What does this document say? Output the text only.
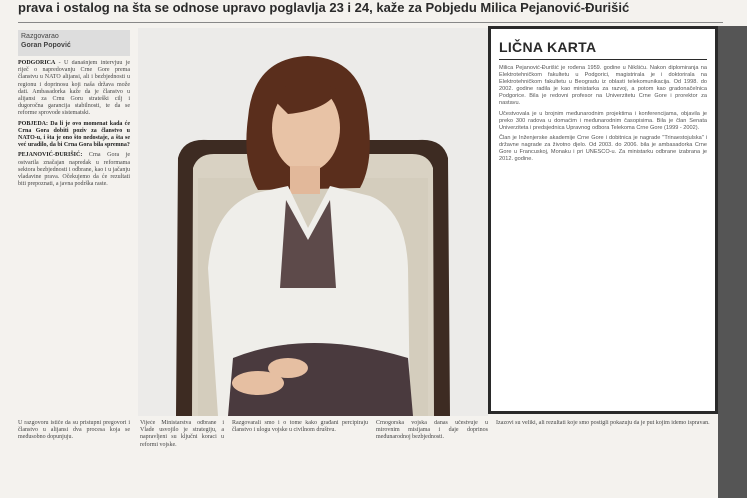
prava i ostalog na šta se odnose upravo poglavlja 23 i 24, kaže za Pobjedu Milica Pejanović-Đurišić
Razgovarao
Goran Popović

PODGORICA - U današnjem intervjuu je riječ o napredovanju Crne Gore prema članstvu u NATO alijansi, ali i bezbjednosti u regionu i doprinosu koji naša država može dati. Ambasadorka kaže da je članstvo u alijansi za Crnu Goru strateški cilj i dugoročna garancija stabilnosti, te da se reforme sprovode sistematski.

POBJEDA: Da li je ovo momenat kada će Crna Gora dobiti poziv za članstvo u NATO-u, i šta je ono što nedostaje, a šta se već uradilo, da bi Crna Gora bila spremna?

PEJANOVIĆ-ĐURIŠIĆ: Crna Gora je ostvarila značajan napredak u reformama sektora bezbjednosti i odbrane, kao i u jačanju vladavine prava. Očekujemo da će rezultati biti prepoznati, a javna podrška raste.

LIČNA KARTA

Milica Pejanović-Đurišić je rođena 1959. godine u Nikšiću. Nakon diplomiranja na Elektrotehničkom fakultetu u Podgorici, magistrirala je i doktorirala na Elektrotehničkom fakultetu u Beogradu iz oblasti telekomunikacija. Od 1998. do 2002. godine radila je kao ministarka za razvoj, a potom kao gradonačelnica Podgorice. Bila je redovni profesor na Univerzitetu Crne Gore i prorektor za nastavu.

Učestvovala je u brojnim međunarodnim projektima i konferencijama, objavila je preko 300 radova u domaćim i međunarodnim časopisima. Bila je član Senata Univerziteta i predsjednica Upravnog odbora Telekoma Crne Gore (1999 - 2002).

Član je Inženjerske akademije Crne Gore i dobitnica je nagrade "Trinaestojulska" i državne nagrade za životno djelo. Od 2003. do 2006. bila je ambasadorka Crne Gore u Francuskoj, Monaku i pri UNESCO-u. Za ministarku odbrane izabrana je 2012. godine.

U razgovoru ističe da su pristupni pregovori i članstvo u alijansi dva procesa koja se međusobno dopunjuju.

Vijeće Ministarstva odbrane i Vlade usvojilo je strategiju, a napravljeni su ključni koraci u reformi vojske.

Razgovarali smo i o tome kako građani percipiraju članstvo i ulogu vojske u civilnom društvu.

Crnogorska vojska danas učestvuje u mirovnim misijama i daje doprinos međunarodnoj bezbjednosti.

Izazovi su veliki, ali rezultati koje smo postigli pokazuju da je put kojim idemo ispravan.
